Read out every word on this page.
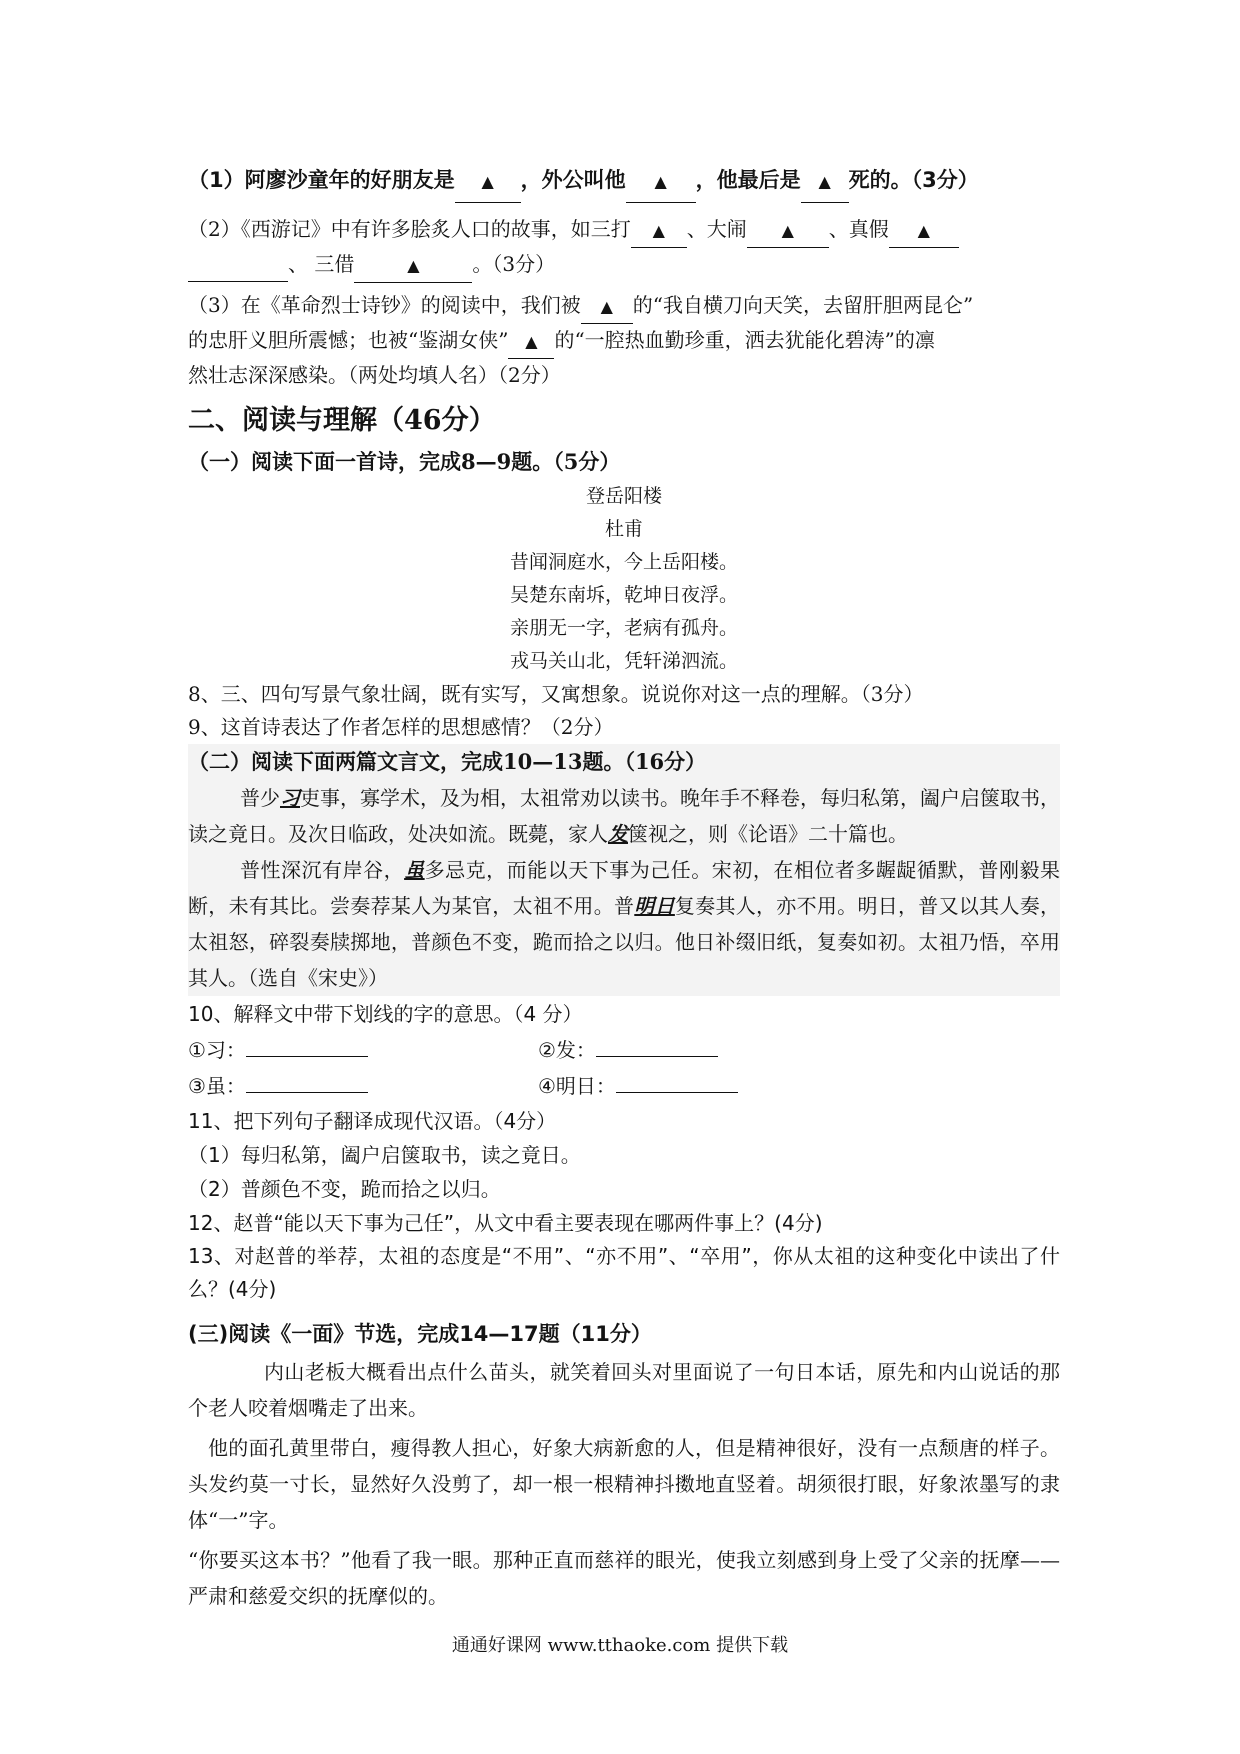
（1）阿廖沙童年的好朋友是 ▲ ，外公叫他 ▲ ，他最后是 ▲ 死的。（3分）
（2）《西游记》中有许多脍炙人口的故事，如三打 ▲ 、大闹 ▲ 、真假 ▲
、 三借	▲	。（3分）
（3）在《革命烈士诗钞》的阅读中，我们被 ▲ 的“我自横刀向天笑，去留肝胆两昆仑”
的忠肝义胆所震憾；也被“鉴湖女侠” ▲ 的“一腔热血勤珍重，洒去犹能化碧涛”的凛
然壮志深深感染。（两处均填人名）（2分）
二、阅读与理解（46分）
（一）阅读下面一首诗，完成8—9题。（5分）
登岳阳楼
杜甫
昔闻洞庭水，今上岳阳楼。
吴楚东南坼，乾坤日夜浮。
亲朋无一字，老病有孤舟。
戎马关山北，凭轩涕泗流。
8、三、四句写景气象壮阔，既有实写，又寓想象。说说你对这一点的理解。（3分）
9、这首诗表达了作者怎样的思想感情？（2分）
（二）阅读下面两篇文言文，完成10—13题。（16分）
普少习吏事，寡学术，及为相，太祖常劝以读书。晚年手不释卷，每归私第，阖户启箧取书，读之竟日。及次日临政，处决如流。既薨，家人发箧视之，则《论语》二十篇也。
普性深沉有岸谷，虽多忌克，而能以天下事为己任。宋初，在相位者多龌龊循默，普刚毅果断，未有其比。尝奏荐某人为某官，太祖不用。普明日复奏其人，亦不用。明日，普又以其人奏，太祖怒，碎裂奏牍掷地，普颜色不变，跪而拾之以归。他日补缀旧纸，复奏如初。太祖乃悟，卒用其人。（选自《宋史》）
10、解释文中带下划线的字的意思。（4 分）
①习：	②发：
③虽：	④明日：
11、把下列句子翻译成现代汉语。（4分）
（1）每归私第，阖户启箧取书，读之竟日。
（2）普颜色不变，跪而拾之以归。
12、赵普“能以天下事为己任”，从文中看主要表现在哪两件事上？(4分)
13、对赵普的举荐，太祖的态度是“不用”、“亦不用”、“卒用”，你从太祖的这种变化中读出了什么？(4分)
(三)阅读《一面》节选，完成14—17题（11分）
内山老板大概看出点什么苗头，就笑着回头对里面说了一句日本话，原先和内山说话的那个老人咬着烟嘴走了出来。
他的面孔黄里带白，瘦得教人担心，好象大病新愈的人，但是精神很好，没有一点颓唐的样子。头发约莫一寸长，显然好久没剪了，却一根一根精神抖擞地直竖着。胡须很打眼，好象浓墨写的隶体“一”字。
“你要买这本书？”他看了我一眼。那种正直而慈祥的眼光，使我立刻感到身上受了父亲的抚摩——严肃和慈爱交织的抚摩似的。
通通好课网 www.tthaoke.com 提供下载
